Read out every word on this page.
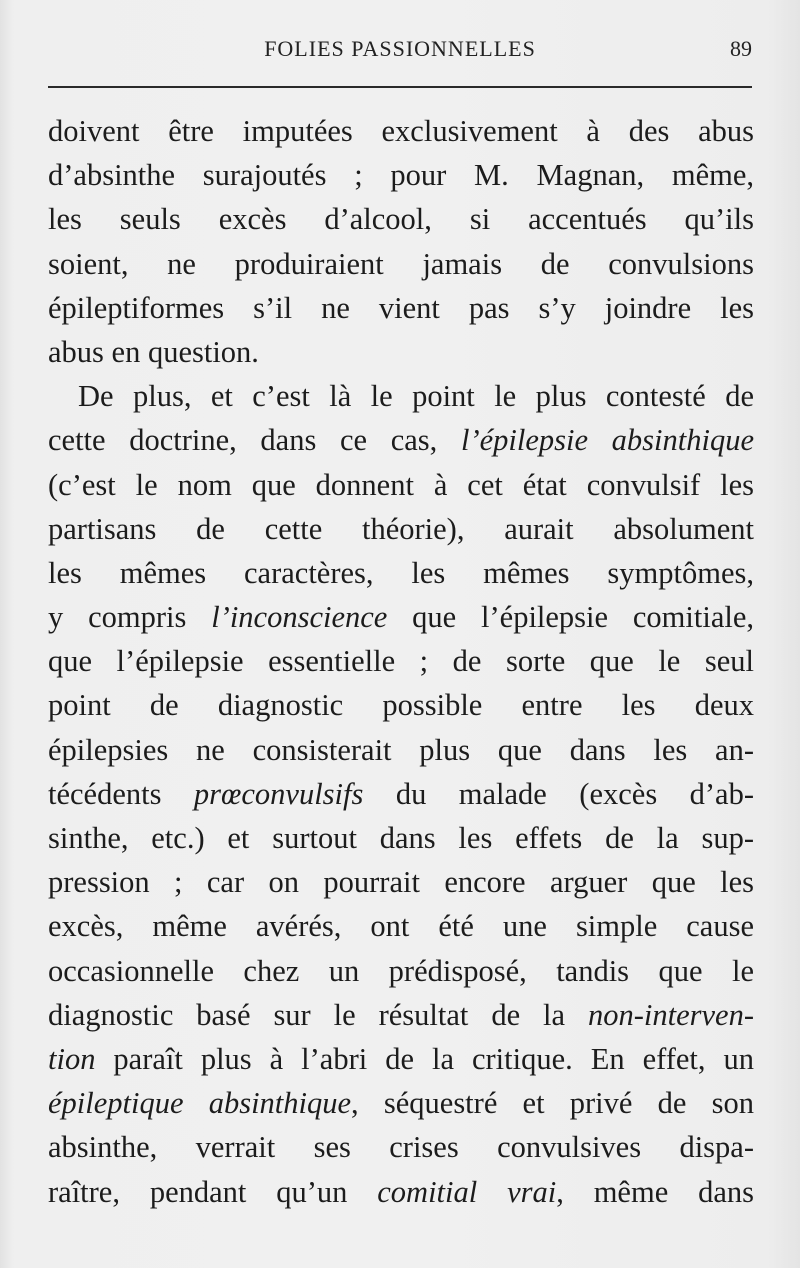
FOLIES PASSIONNELLES	89
doivent être imputées exclusivement à des abus
d’absinthe surajoutés ; pour M. Magnan, même,
les seuls excès d’alcool, si accentués qu’ils
soient, ne produiraient jamais de convulsions
épileptiformes s’il ne vient pas s’y joindre les
abus en question.
De plus, et c’est là le point le plus contesté de
cette doctrine, dans ce cas, l’épilepsie absinthique
(c’est le nom que donnent à cet état convulsif les
partisans de cette théorie), aurait absolument
les mêmes caractères, les mêmes symptômes,
y compris l’inconscience que l’épilepsie comitiale,
que l’épilepsie essentielle ; de sorte que le seul
point de diagnostic possible entre les deux
épilepsies ne consisterait plus que dans les an-
técédents prœconvulsifs du malade (excès d’ab-
sinthe, etc.) et surtout dans les effets de la sup-
pression ; car on pourrait encore arguer que les
excès, même avérés, ont été une simple cause
occasionnelle chez un prédisposé, tandis que le
diagnostic basé sur le résultat de la non-interven-
tion paraît plus à l’abri de la critique. En effet, un
épileptique absinthique, séquestré et privé de son
absinthe, verrait ses crises convulsives dispa-
raître, pendant qu’un comitial vrai, même dans
